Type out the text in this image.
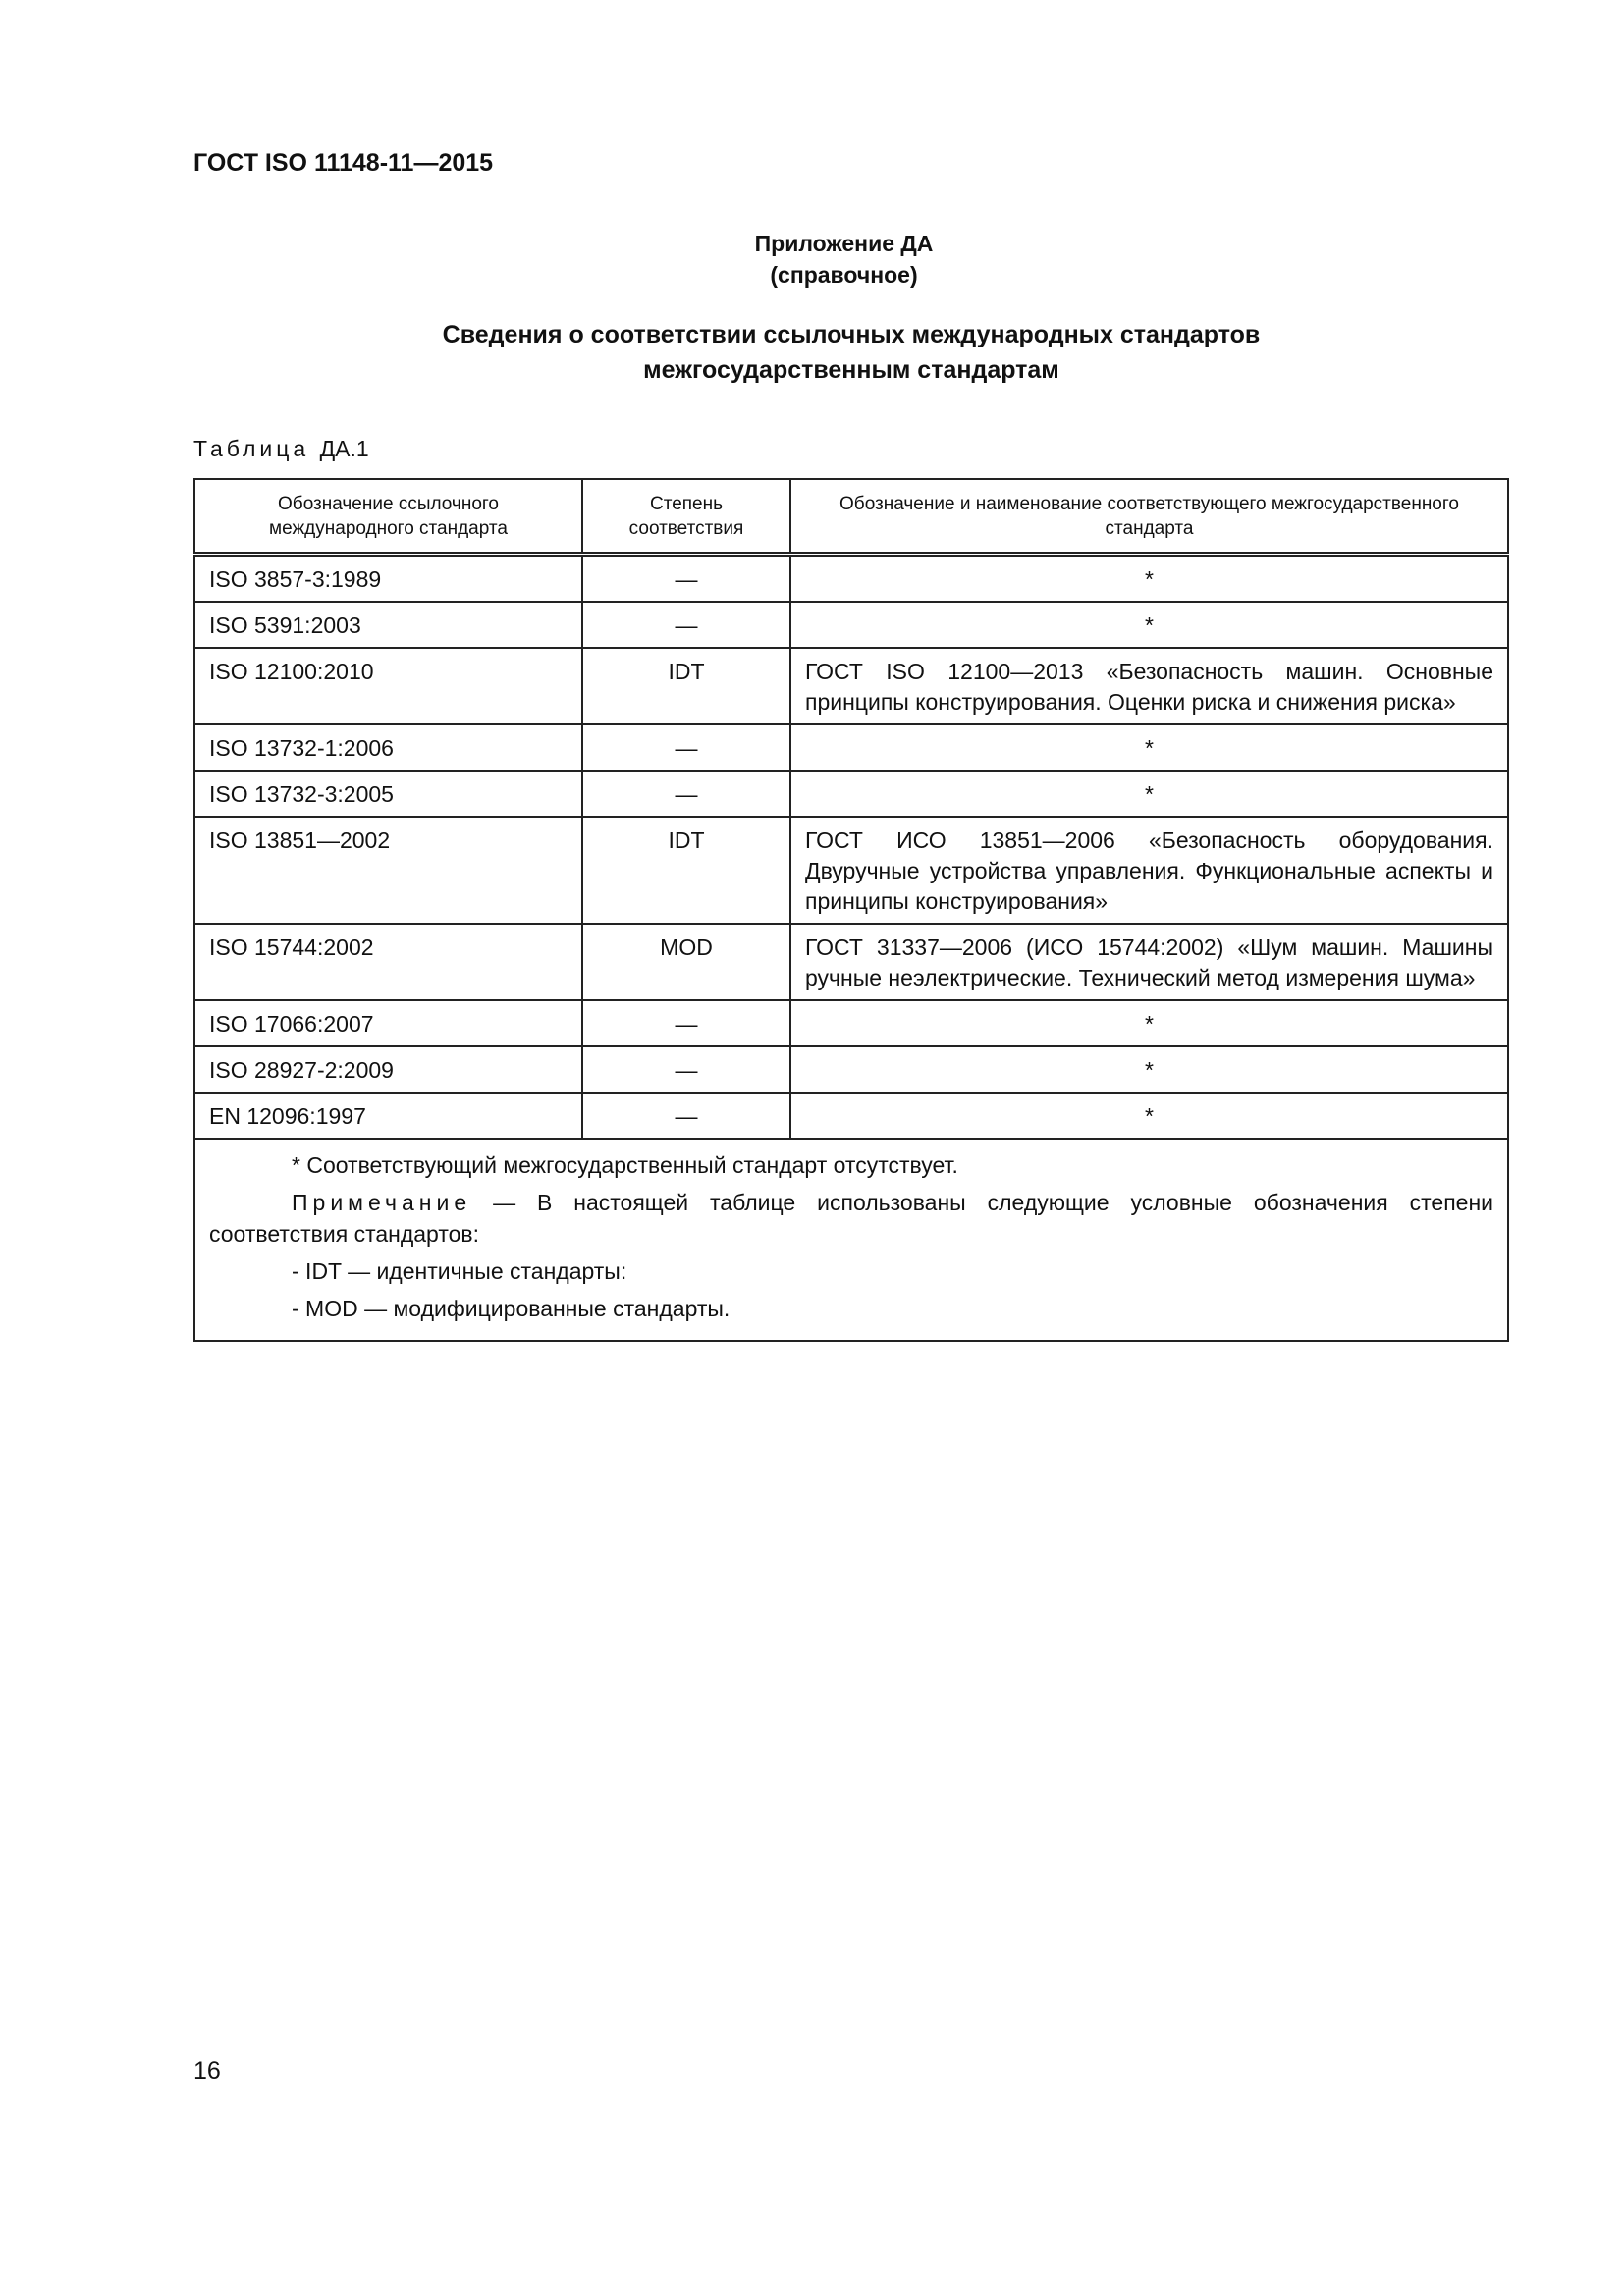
ГОСТ ISO 11148-11—2015
Приложение ДА
(справочное)
Сведения о соответствии ссылочных международных стандартов
межгосударственным стандартам
Таблица ДА.1
Обозначение ссылочного международного стандарта	Степень соответствия	Обозначение и наименование соответствующего межгосударственного стандарта
ISO 3857-3:1989	—	*
ISO 5391:2003	—	*
ISO 12100:2010	IDT	ГОСТ ISO 12100—2013 «Безопасность машин. Основные принципы конструирования. Оценки риска и снижения риска»
ISO 13732-1:2006	—	*
ISO 13732-3:2005	—	*
ISO 13851—2002	IDT	ГОСТ ИСО 13851—2006 «Безопасность оборудования. Двуручные устройства управления. Функциональные аспекты и принципы конструирования»
ISO 15744:2002	MOD	ГОСТ 31337—2006 (ИСО 15744:2002) «Шум машин. Машины ручные неэлектрические. Технический метод измерения шума»
ISO 17066:2007	—	*
ISO 28927-2:2009	—	*
EN 12096:1997	—	*

* Соответствующий межгосударственный стандарт отсутствует.

Примечание — В настоящей таблице использованы следующие условные обозначения степени соответствия стандартов:

- IDT — идентичные стандарты:

- MOD — модифицированные стандарты.		

16
